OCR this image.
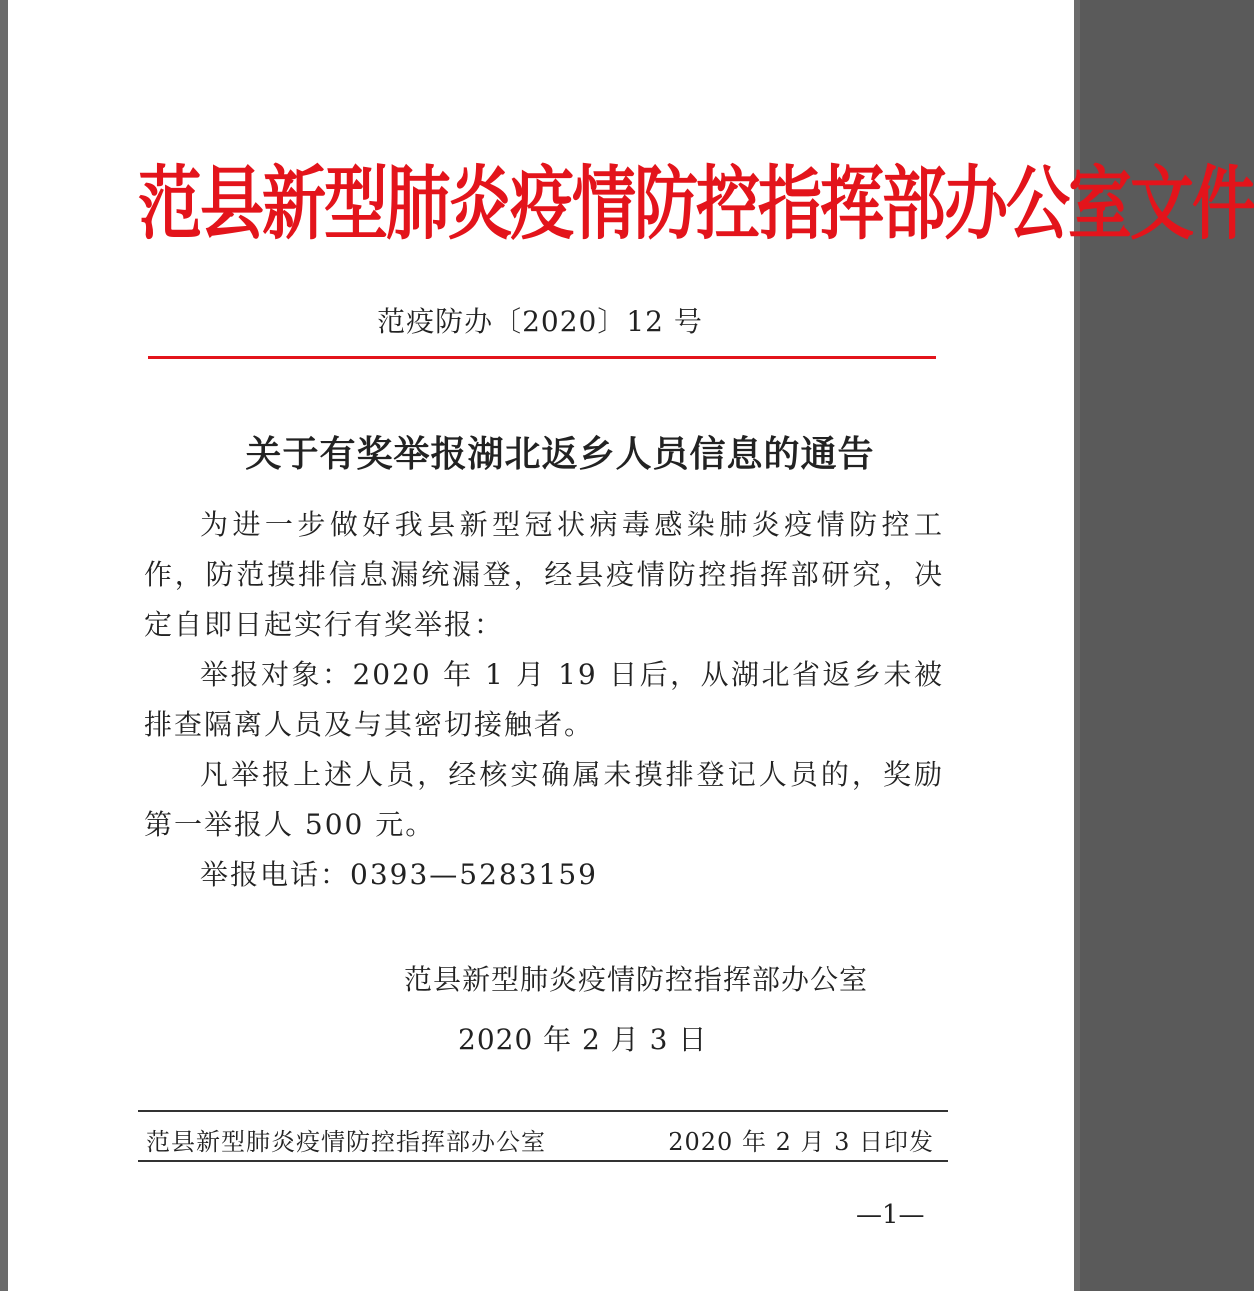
范县新型肺炎疫情防控指挥部办公室文件
范疫防办〔2020〕12 号
关于有奖举报湖北返乡人员信息的通告

为进一步做好我县新型冠状病毒感染肺炎疫情防控工作，防范摸排信息漏统漏登，经县疫情防控指挥部研究，决定自即日起实行有奖举报：

举报对象：2020 年 1 月 19 日后，从湖北省返乡未被排查隔离人员及与其密切接触者。

凡举报上述人员，经核实确属未摸排登记人员的，奖励第一举报人 500 元。

举报电话：0393—5283159

范县新型肺炎疫情防控指挥部办公室
2020 年 2 月 3 日
范县新型肺炎疫情防控指挥部办公室	2020 年 2 月 3 日印发
—1—
